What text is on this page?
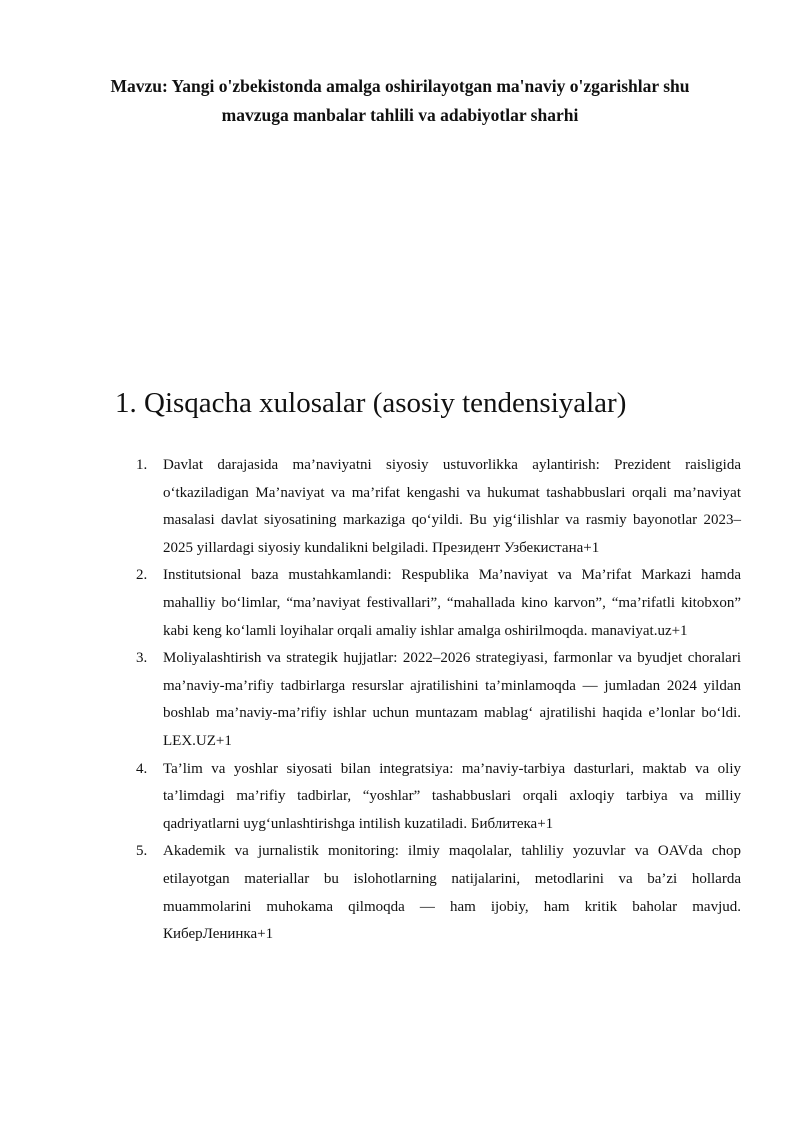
Mavzu: Yangi o'zbekistonda amalga oshirilayotgan ma'naviy o'zgarishlar shu mavzuga manbalar tahlili va adabiyotlar sharhi
1. Qisqacha xulosalar (asosiy tendensiyalar)
1. Davlat darajasida ma’naviyatni siyosiy ustuvorlikka aylantirish: Prezident raisligida o‘tkaziladigan Ma’naviyat va ma’rifat kengashi va hukumat tashabbuslari orqali ma’naviyat masalasi davlat siyosatining markaziga qo‘yildi. Bu yig‘ilishlar va rasmiy bayonotlar 2023–2025 yillardagi siyosiy kundalikni belgiladi. Президент Узбекистана+1
2. Institutsional baza mustahkamlandi: Respublika Ma’naviyat va Ma’rifat Markazi hamda mahalliy bo‘limlar, “ma’naviyat festivallari”, “mahallada kino karvon”, “ma’rifatli kitobxon” kabi keng ko‘lamli loyihalar orqali amaliy ishlar amalga oshirilmoqda. manaviyat.uz+1
3. Moliyalashtirish va strategik hujjatlar: 2022–2026 strategiyasi, farmonlar va byudjet choralari ma’naviy-ma’rifiy tadbirlarga resurslar ajratilishini ta’minlamoqda — jumladan 2024 yildan boshlab ma’naviy-ma’rifiy ishlar uchun muntazam mablag‘ ajratilishi haqida e’lonlar bo‘ldi. LEX.UZ+1
4. Ta’lim va yoshlar siyosati bilan integratsiya: ma’naviy-tarbiya dasturlari, maktab va oliy ta’limdagi ma’rifiy tadbirlar, “yoshlar” tashabbuslari orqali axloqiy tarbiya va milliy qadriyatlarni uyg‘unlashtirishga intilish kuzatiladi. Библитека+1
5. Akademik va jurnalistik monitoring: ilmiy maqolalar, tahliliy yozuvlar va OAVda chop etilayotgan materiallar bu islohotlarning natijalarini, metodlarini va ba’zi hollarda muammolarini muhokama qilmoqda — ham ijobiy, ham kritik baholar mavjud. КиберЛенинка+1
